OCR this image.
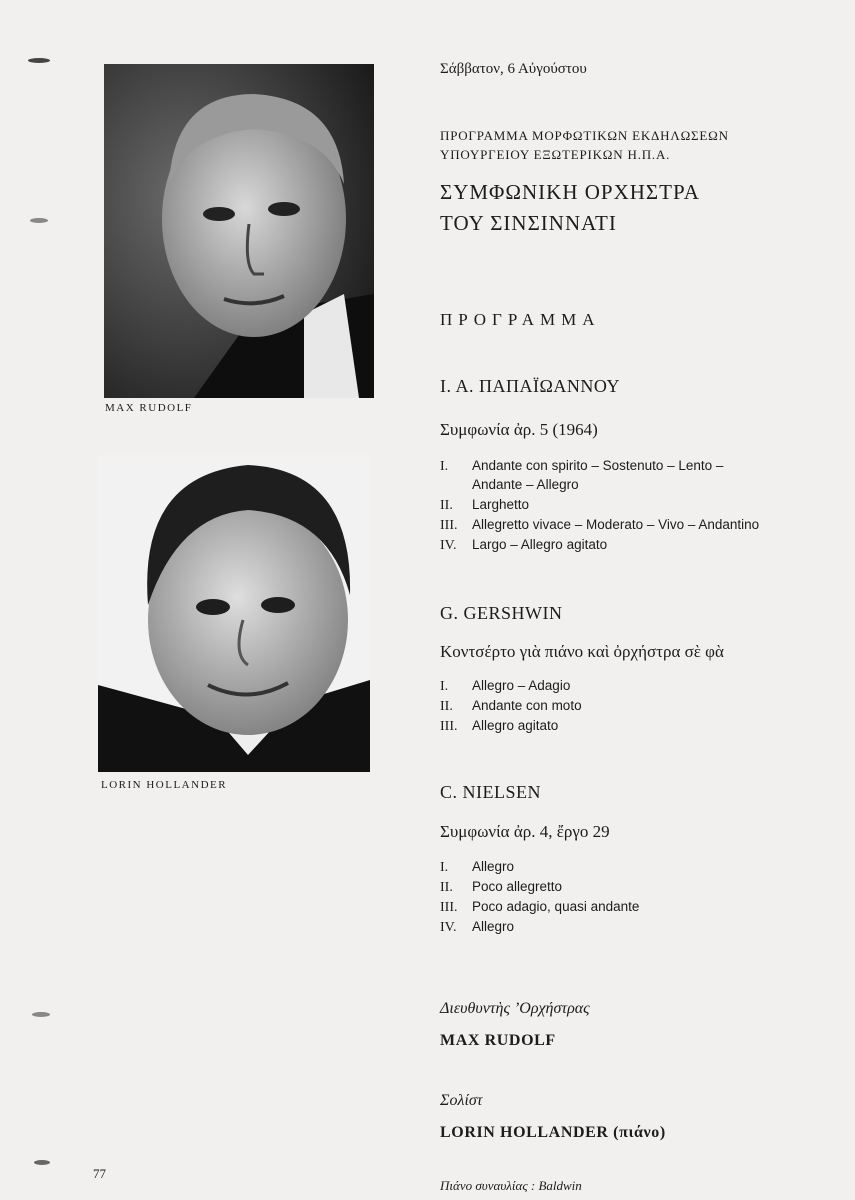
MAX RUDOLF
LORIN HOLLANDER
Σάββατον, 6 Αὐγούστου
ΠΡΟΓΡΑΜΜΑ ΜΟΡΦΩΤΙΚΩΝ ΕΚΔΗΛΩΣΕΩΝ
ΥΠΟΥΡΓΕΙΟΥ ΕΞΩΤΕΡΙΚΩΝ Η.Π.Α.
ΣΥΜΦΩΝΙΚΗ ΟΡΧΗΣΤΡΑ
ΤΟΥ ΣΙΝΣΙΝΝΑΤΙ
ΠΡΟΓΡΑΜΜΑ
Ι. Α. ΠΑΠΑΪΩΑΝΝΟΥ
Συμφωνία ἀρ. 5 (1964)
I. Andante con spirito – Sostenuto – Lento –
Andante – Allegro
II. Larghetto
III. Allegretto vivace – Moderato – Vivo – Andantino
IV. Largo – Allegro agitato
G. GERSHWIN
Κοντσέρτο γιὰ πιάνο καὶ ὀρχήστρα σὲ φὰ
I. Allegro – Adagio
II. Andante con moto
III. Allegro agitato
C. NIELSEN
Συμφωνία ἀρ. 4, ἔργο 29
I. Allegro
II. Poco allegretto
III. Poco adagio, quasi andante
IV. Allegro
Διευθυντὴς ’Ορχήστρας
MAX RUDOLF
Σολίστ
LORIN HOLLANDER (πιάνο)
Πιάνο συναυλίας : Baldwin
77
